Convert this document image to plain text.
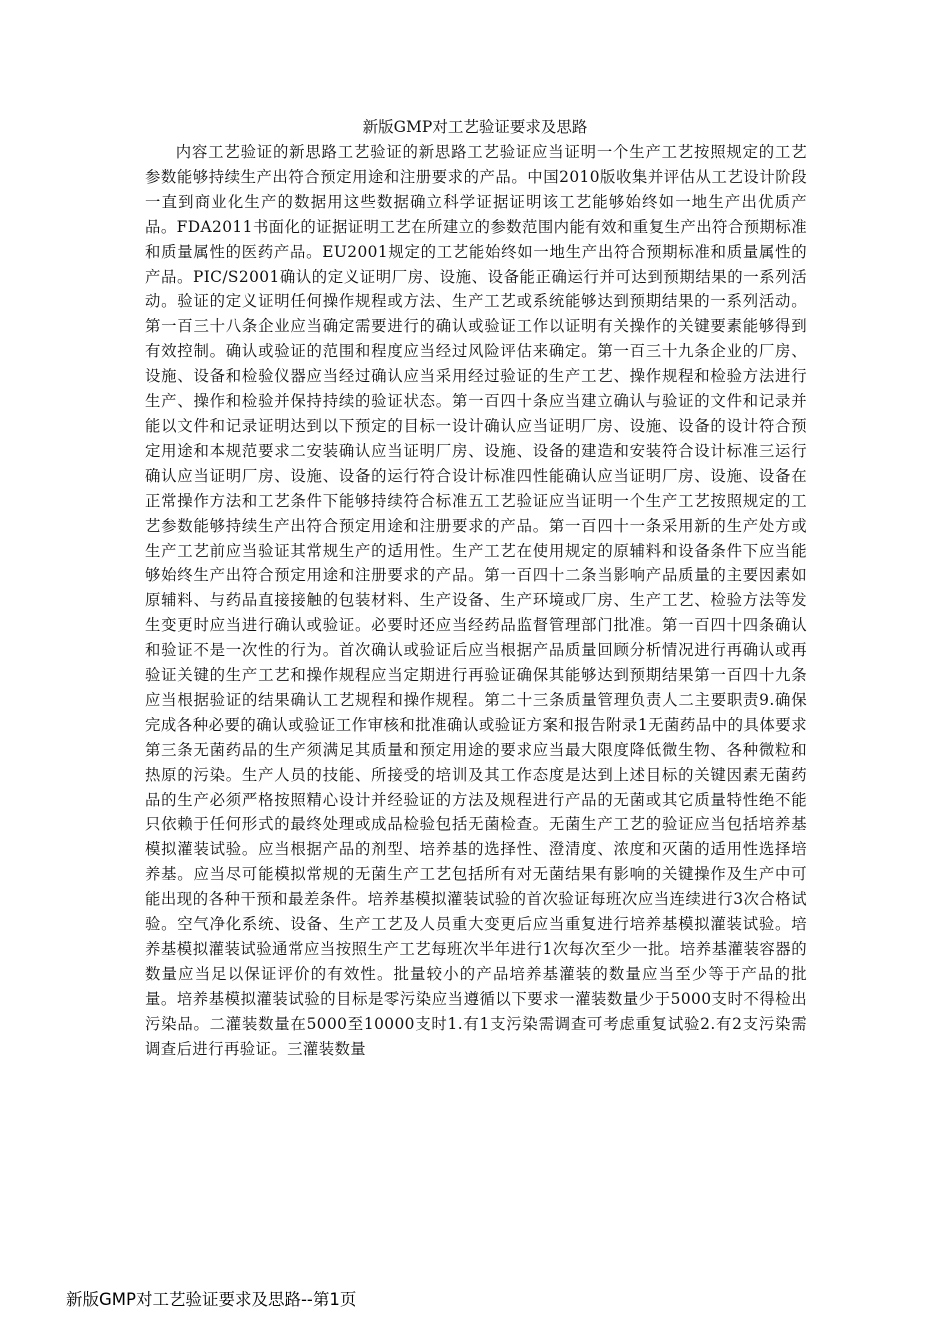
新版GMP对工艺验证要求及思路

内容工艺验证的新思路工艺验证的新思路工艺验证应当证明一个生产工艺按照规定的工艺参数能够持续生产出符合预定用途和注册要求的产品。中国2010版收集并评估从工艺设计阶段一直到商业化生产的数据用这些数据确立科学证据证明该工艺能够始终如一地生产出优质产品。FDA2011书面化的证据证明工艺在所建立的参数范围内能有效和重复生产出符合预期标准和质量属性的医药产品。EU2001规定的工艺能始终如一地生产出符合预期标准和质量属性的产品。PIC/S2001确认的定义证明厂房、设施、设备能正确运行并可达到预期结果的一系列活动。验证的定义证明任何操作规程或方法、生产工艺或系统能够达到预期结果的一系列活动。第一百三十八条企业应当确定需要进行的确认或验证工作以证明有关操作的关键要素能够得到有效控制。确认或验证的范围和程度应当经过风险评估来确定。第一百三十九条企业的厂房、设施、设备和检验仪器应当经过确认应当采用经过验证的生产工艺、操作规程和检验方法进行生产、操作和检验并保持持续的验证状态。第一百四十条应当建立确认与验证的文件和记录并能以文件和记录证明达到以下预定的目标一设计确认应当证明厂房、设施、设备的设计符合预定用途和本规范要求二安装确认应当证明厂房、设施、设备的建造和安装符合设计标准三运行确认应当证明厂房、设施、设备的运行符合设计标准四性能确认应当证明厂房、设施、设备在正常操作方法和工艺条件下能够持续符合标准五工艺验证应当证明一个生产工艺按照规定的工艺参数能够持续生产出符合预定用途和注册要求的产品。第一百四十一条采用新的生产处方或生产工艺前应当验证其常规生产的适用性。生产工艺在使用规定的原辅料和设备条件下应当能够始终生产出符合预定用途和注册要求的产品。第一百四十二条当影响产品质量的主要因素如原辅料、与药品直接接触的包装材料、生产设备、生产环境或厂房、生产工艺、检验方法等发生变更时应当进行确认或验证。必要时还应当经药品监督管理部门批准。第一百四十四条确认和验证不是一次性的行为。首次确认或验证后应当根据产品质量回顾分析情况进行再确认或再验证关键的生产工艺和操作规程应当定期进行再验证确保其能够达到预期结果第一百四十九条应当根据验证的结果确认工艺规程和操作规程。第二十三条质量管理负责人二主要职责9.确保完成各种必要的确认或验证工作审核和批准确认或验证方案和报告附录1无菌药品中的具体要求第三条无菌药品的生产须满足其质量和预定用途的要求应当最大限度降低微生物、各种微粒和热原的污染。生产人员的技能、所接受的培训及其工作态度是达到上述目标的关键因素无菌药品的生产必须严格按照精心设计并经验证的方法及规程进行产品的无菌或其它质量特性绝不能只依赖于任何形式的最终处理或成品检验包括无菌检查。无菌生产工艺的验证应当包括培养基模拟灌装试验。应当根据产品的剂型、培养基的选择性、澄清度、浓度和灭菌的适用性选择培养基。应当尽可能模拟常规的无菌生产工艺包括所有对无菌结果有影响的关键操作及生产中可能出现的各种干预和最差条件。培养基模拟灌装试验的首次验证每班次应当连续进行3次合格试验。空气净化系统、设备、生产工艺及人员重大变更后应当重复进行培养基模拟灌装试验。培养基模拟灌装试验通常应当按照生产工艺每班次半年进行1次每次至少一批。培养基灌装容器的数量应当足以保证评价的有效性。批量较小的产品培养基灌装的数量应当至少等于产品的批量。培养基模拟灌装试验的目标是零污染应当遵循以下要求一灌装数量少于5000支时不得检出污染品。二灌装数量在5000至10000支时1.有1支污染需调查可考虑重复试验2.有2支污染需调查后进行再验证。三灌装数量

新版GMP对工艺验证要求及思路--第1页
